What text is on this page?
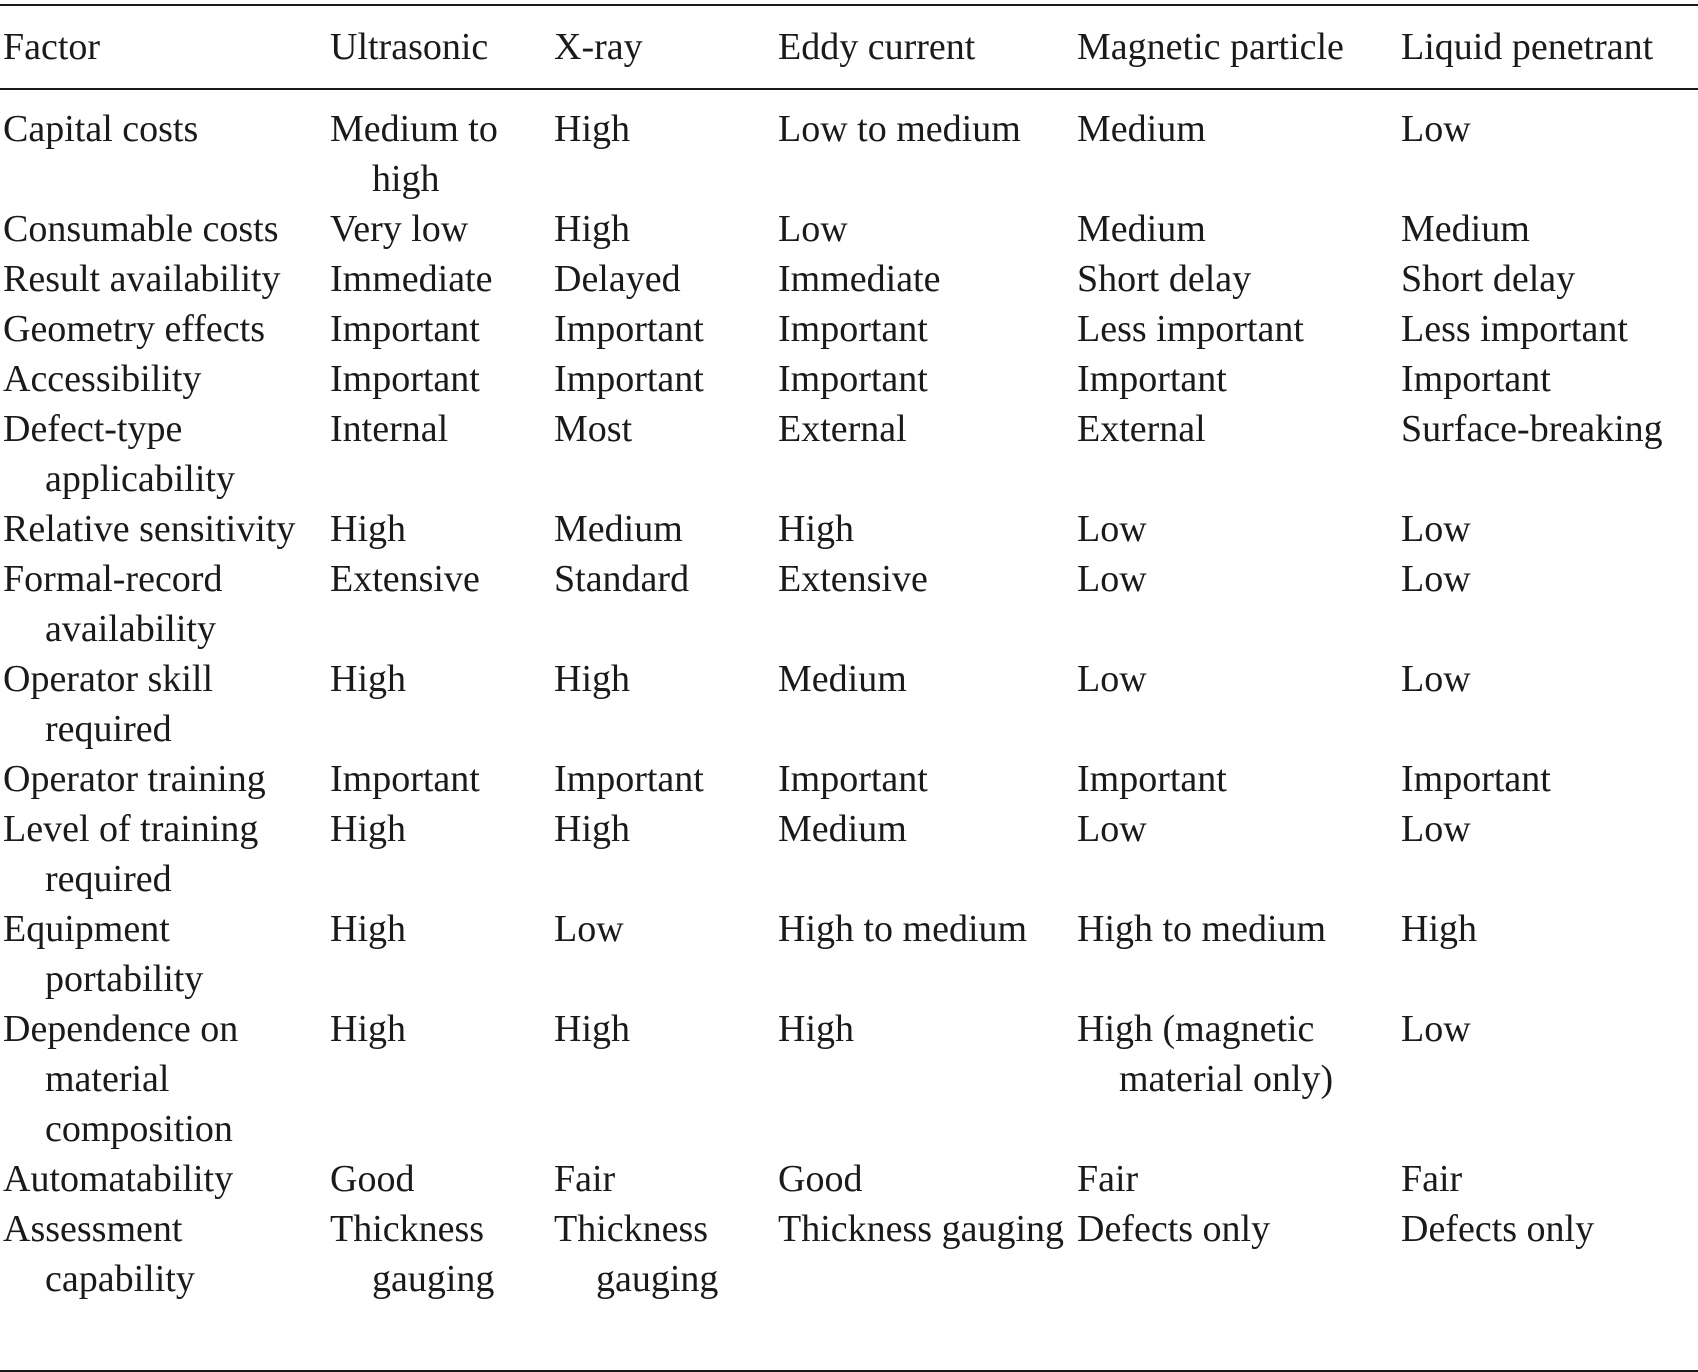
Factor	Ultrasonic	X-ray	Eddy current	Magnetic particle	Liquid penetrant

Capital costs	Medium to high	High	Low to medium	Medium	Low

Consumable costs	Very low	High	Low	Medium	Medium

Result availability	Immediate	Delayed	Immediate	Short delay	Short delay

Geometry effects	Important	Important	Important	Less important	Less important

Accessibility	Important	Important	Important	Important	Important

Defect-type applicability	Internal	Most	External	External	Surface-breaking

Relative sensitivity	High	Medium	High	Low	Low

Formal-record availability	Extensive	Standard	Extensive	Low	Low

Operator skill required	High	High	Medium	Low	Low

Operator training	Important	Important	Important	Important	Important

Level of training required	High	High	Medium	Low	Low

Equipment portability	High	Low	High to medium	High to medium	High

Dependence on material composition	High	High	High	High (magnetic material only)	Low

Automatability	Good	Fair	Good	Fair	Fair

Assessment capability	Thickness gauging	Thickness gauging	Thickness gauging	Defects only	Defects only
